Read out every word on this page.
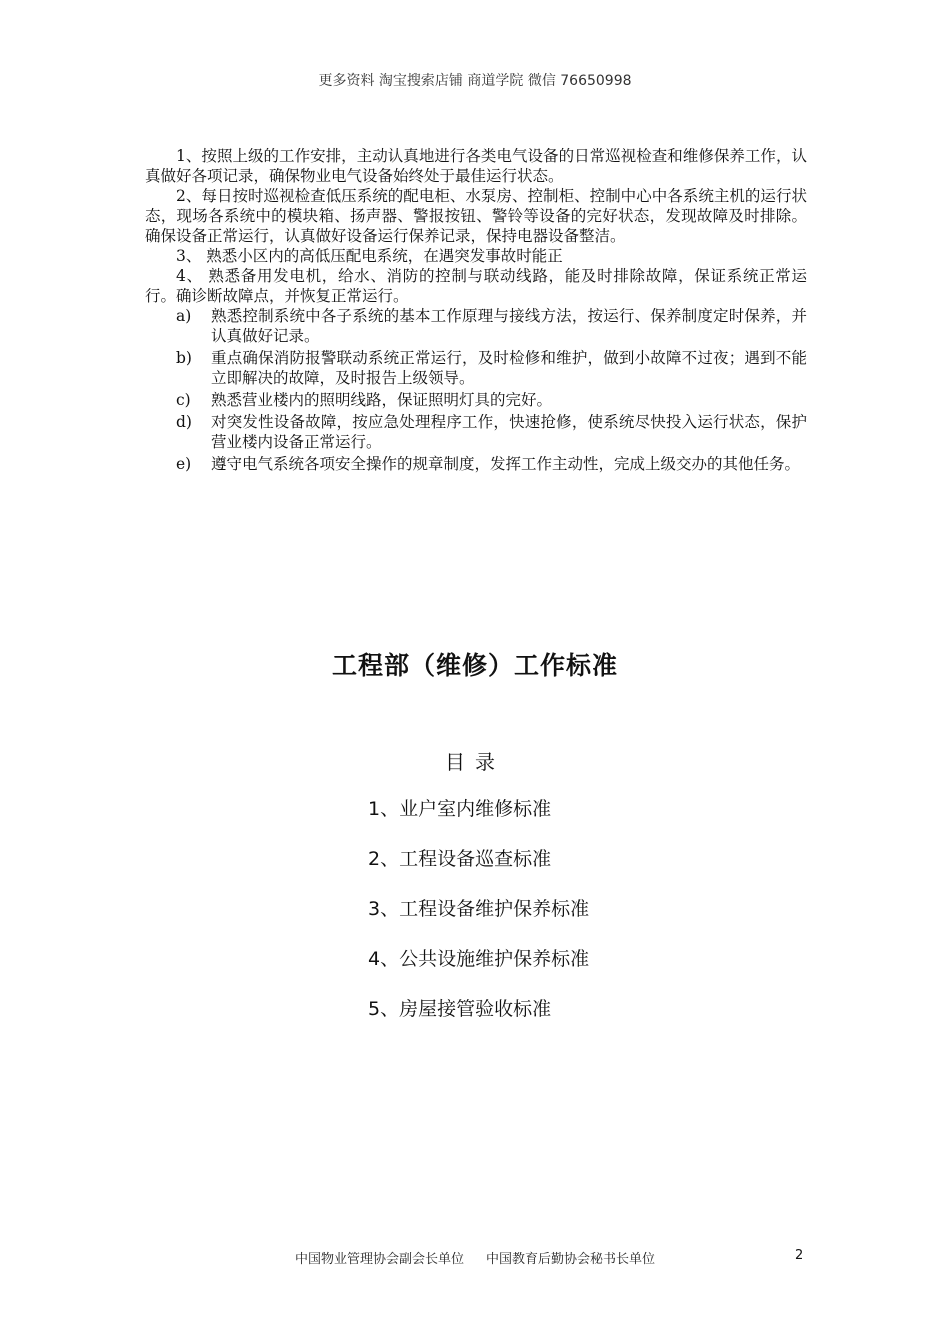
更多资料 淘宝搜索店铺 商道学院 微信 76650998

1、按照上级的工作安排，主动认真地进行各类电气设备的日常巡视检查和维修保养工作，认真做好各项记录，确保物业电气设备始终处于最佳运行状态。

2、每日按时巡视检查低压系统的配电柜、水泵房、控制柜、控制中心中各系统主机的运行状态，现场各系统中的模块箱、扬声器、警报按钮、警铃等设备的完好状态，发现故障及时排除。确保设备正常运行，认真做好设备运行保养记录，保持电器设备整洁。

3、 熟悉小区内的高低压配电系统，在遇突发事故时能正

4、 熟悉备用发电机，给水、消防的控制与联动线路，能及时排除故障，保证系统正常运行。确诊断故障点，并恢复正常运行。

a) 熟悉控制系统中各子系统的基本工作原理与接线方法，按运行、保养制度定时保养，并认真做好记录。
b) 重点确保消防报警联动系统正常运行，及时检修和维护，做到小故障不过夜；遇到不能立即解决的故障，及时报告上级领导。
c) 熟悉营业楼内的照明线路，保证照明灯具的完好。
d) 对突发性设备故障，按应急处理程序工作，快速抢修，使系统尽快投入运行状态，保护营业楼内设备正常运行。
e) 遵守电气系统各项安全操作的规章制度，发挥工作主动性，完成上级交办的其他任务。
工程部（维修）工作标准
目录
1、业户室内维修标准
2、工程设备巡查标准
3、工程设备维护保养标准
4、公共设施维护保养标准
5、房屋接管验收标准
中国物业管理协会副会长单位 中国教育后勤协会秘书长单位	2
